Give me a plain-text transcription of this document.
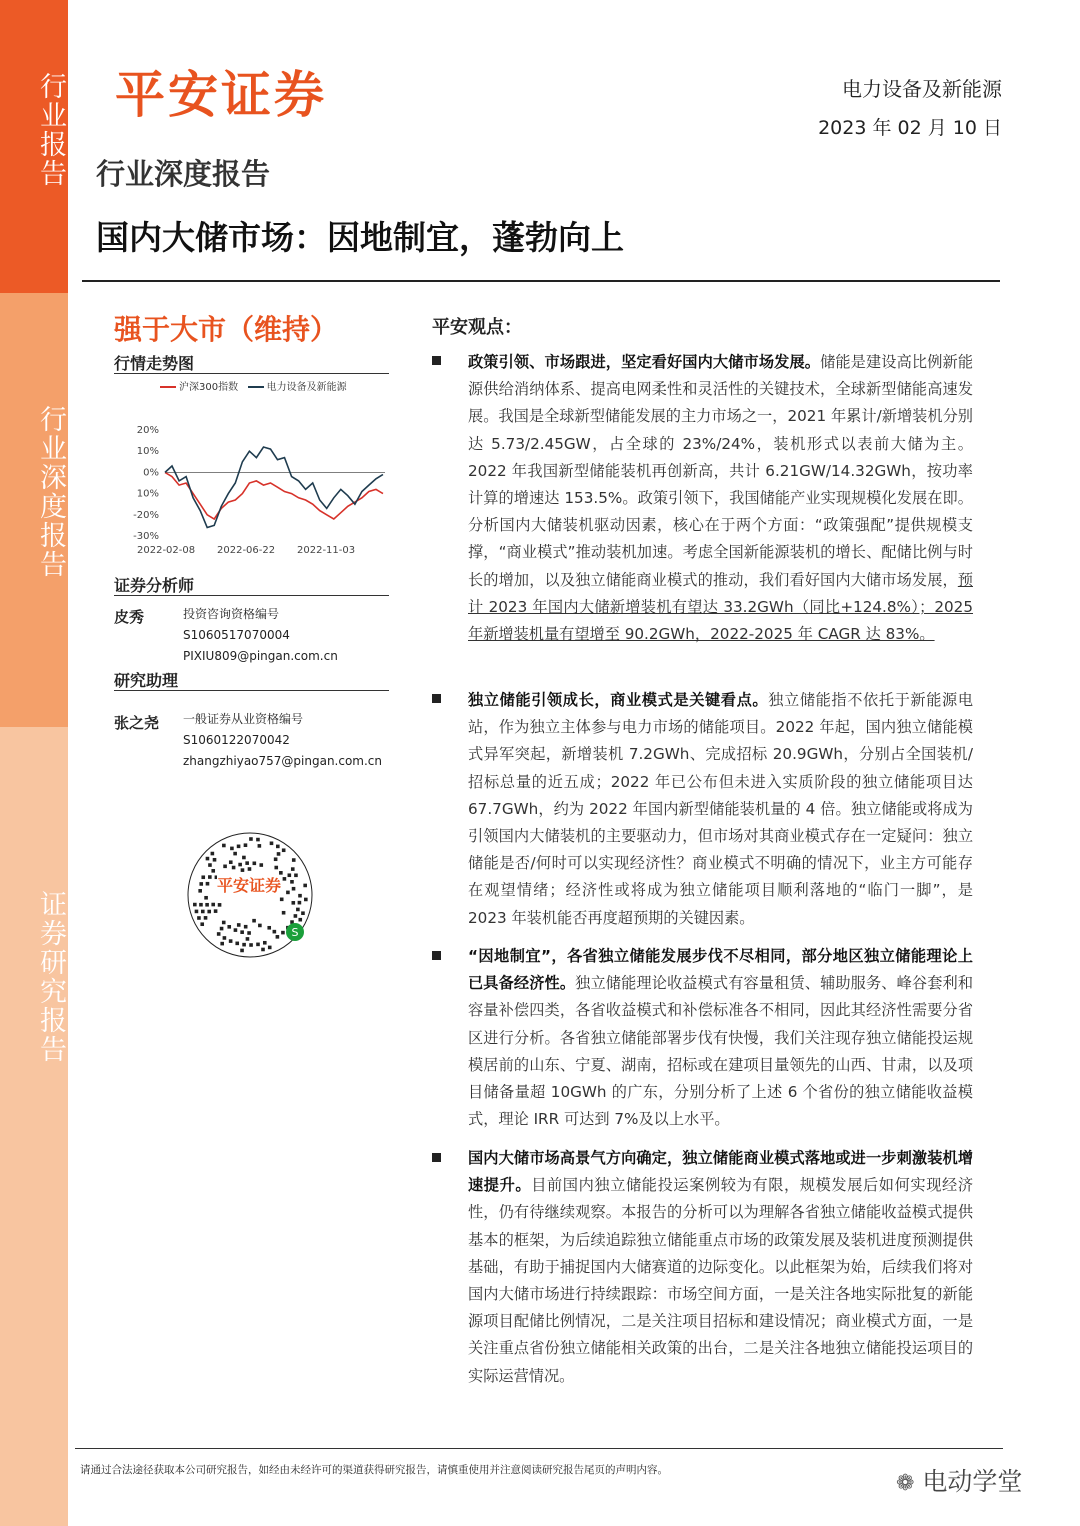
行业报告
行业深度报告
证券研究报告
平安证券	电力设备及新能源
2023 年 02 月 10 日
行业深度报告
国内大储市场：因地制宜，蓬勃向上
强于大市（维持）
行情走势图
沪深300指数	电力设备及新能源
20%
10%
0%
10%
-20%
-30%
2022-02-08 2022-06-22 2022-11-03
证券分析师
皮秀	投资咨询资格编号
S1060517070004
PIXIU809@pingan.com.cn
研究助理
张之尧 一般证券从业资格编号
S1060122070042
zhangzhiyao757@pingan.com.cn
S
平安证券
平安观点：
政策引领、市场跟进，坚定看好国内大储市场发展。储能是建设高比例新能源供给消纳体系、提高电网柔性和灵活性的关键技术，全球新型储能高速发展。我国是全球新型储能发展的主力市场之一，2021 年累计/新增装机分别达 5.73/2.45GW，占全球的 23%/24%，装机形式以表前大储为主。2022 年我国新型储能装机再创新高，共计 6.21GW/14.32GWh，按功率计算的增速达 153.5%。政策引领下，我国储能产业实现规模化发展在即。分析国内大储装机驱动因素，核心在于两个方面：“政策强配”提供规模支撑，“商业模式”推动装机加速。考虑全国新能源装机的增长、配储比例与时长的增加，以及独立储能商业模式的推动，我们看好国内大储市场发展，预计 2023 年国内大储新增装机有望达 33.2GWh（同比+124.8%）；2025 年新增装机量有望增至 90.2GWh，2022-2025 年 CAGR 达 83%。
独立储能引领成长，商业模式是关键看点。独立储能指不依托于新能源电站，作为独立主体参与电力市场的储能项目。2022 年起，国内独立储能模式异军突起，新增装机 7.2GWh、完成招标 20.9GWh，分别占全国装机/招标总量的近五成；2022 年已公布但未进入实质阶段的独立储能项目达 67.7GWh，约为 2022 年国内新型储能装机量的 4 倍。独立储能或将成为引领国内大储装机的主要驱动力，但市场对其商业模式存在一定疑问：独立储能是否/何时可以实现经济性？商业模式不明确的情况下，业主方可能存在观望情绪；经济性或将成为独立储能项目顺利落地的“临门一脚”，是 2023 年装机能否再度超预期的关键因素。
“因地制宜”，各省独立储能发展步伐不尽相同，部分地区独立储能理论上已具备经济性。独立储能理论收益模式有容量租赁、辅助服务、峰谷套利和容量补偿四类，各省收益模式和补偿标准各不相同，因此其经济性需要分省区进行分析。各省独立储能部署步伐有快慢，我们关注现存独立储能投运规模居前的山东、宁夏、湖南，招标或在建项目量领先的山西、甘肃，以及项目储备量超 10GWh 的广东，分别分析了上述 6 个省份的独立储能收益模式，理论 IRR 可达到 7%及以上水平。
国内大储市场高景气方向确定，独立储能商业模式落地或进一步刺激装机增速提升。目前国内独立储能投运案例较为有限，规模发展后如何实现经济性，仍有待继续观察。本报告的分析可以为理解各省独立储能收益模式提供基本的框架，为后续追踪独立储能重点市场的政策发展及装机进度预测提供基础，有助于捕捉国内大储赛道的边际变化。以此框架为始，后续我们将对国内大储市场进行持续跟踪：市场空间方面，一是关注各地实际批复的新能源项目配储比例情况，二是关注项目招标和建设情况；商业模式方面，一是关注重点省份独立储能相关政策的出台，二是关注各地独立储能投运项目的实际运营情况。
请通过合法途径获取本公司研究报告，如经由未经许可的渠道获得研究报告，请慎重使用并注意阅读研究报告尾页的声明内容。
❁ 电动学堂
